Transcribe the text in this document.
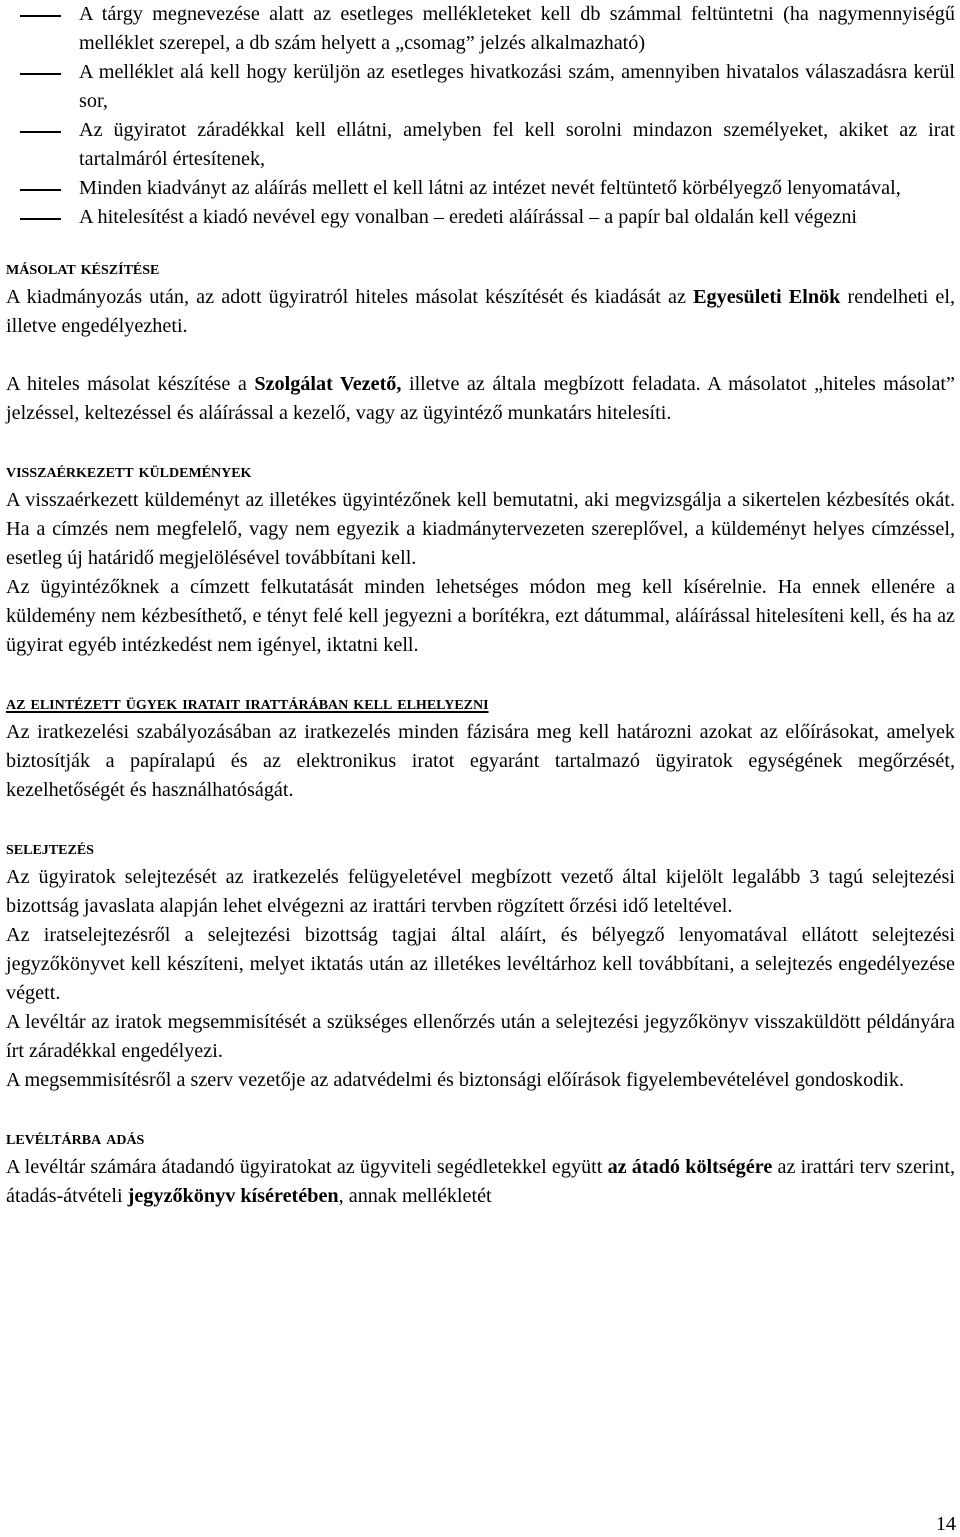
A tárgy megnevezése alatt az esetleges mellékleteket kell db számmal feltüntetni (ha nagymennyiségű melléklet szerepel, a db szám helyett a „csomag” jelzés alkalmazható)
A melléklet alá kell hogy kerüljön az esetleges hivatkozási szám, amennyiben hivatalos válaszadásra kerül sor,
Az ügyiratot záradékkal kell ellátni, amelyben fel kell sorolni mindazon személyeket, akiket az irat tartalmáról értesítenek,
Minden kiadványt az aláírás mellett el kell látni az intézet nevét feltüntető körbélyegző lenyomatával,
A hitelesítést a kiadó nevével egy vonalban – eredeti aláírással – a papír bal oldalán kell végezni
másolat készítése

A kiadmányozás után, az adott ügyiratról hiteles másolat készítését és kiadását az Egyesületi Elnök rendelheti el, illetve engedélyezheti.

A hiteles másolat készítése a Szolgálat Vezető, illetve az általa megbízott feladata. A másolatot „hiteles másolat” jelzéssel, keltezéssel és aláírással a kezelő, vagy az ügyintéző munkatárs hitelesíti.

visszaérkezett küldemények

A visszaérkezett küldeményt az illetékes ügyintézőnek kell bemutatni, aki megvizsgálja a sikertelen kézbesítés okát. Ha a címzés nem megfelelő, vagy nem egyezik a kiadmánytervezeten szereplővel, a küldeményt helyes címzéssel, esetleg új határidő megjelölésével továbbítani kell.

Az ügyintézőknek a címzett felkutatását minden lehetséges módon meg kell kísérelnie. Ha ennek ellenére a küldemény nem kézbesíthető, e tényt felé kell jegyezni a borítékra, ezt dátummal, aláírással hitelesíteni kell, és ha az ügyirat egyéb intézkedést nem igényel, iktatni kell.

az elintézett ügyek iratait irattárában kell elhelyezni

Az iratkezelési szabályozásában az iratkezelés minden fázisára meg kell határozni azokat az előírásokat, amelyek biztosítják a papíralapú és az elektronikus iratot egyaránt tartalmazó ügyiratok egységének megőrzését, kezelhetőségét és használhatóságát.

selejtezés

Az ügyiratok selejtezését az iratkezelés felügyeletével megbízott vezető által kijelölt legalább 3 tagú selejtezési bizottság javaslata alapján lehet elvégezni az irattári tervben rögzített őrzési idő leteltével.

Az iratselejtezésről a selejtezési bizottság tagjai által aláírt, és bélyegző lenyomatával ellátott selejtezési jegyzőkönyvet kell készíteni, melyet iktatás után az illetékes levéltárhoz kell továbbítani, a selejtezés engedélyezése végett.

A levéltár az iratok megsemmisítését a szükséges ellenőrzés után a selejtezési jegyzőkönyv visszaküldött példányára írt záradékkal engedélyezi.

A megsemmisítésről a szerv vezetője az adatvédelmi és biztonsági előírások figyelembevételével gondoskodik.

levéltárba adás

A levéltár számára átadandó ügyiratokat az ügyviteli segédletekkel együtt az átadó költségére az irattári terv szerint, átadás-átvételi jegyzőkönyv kíséretében, annak mellékletét

14
